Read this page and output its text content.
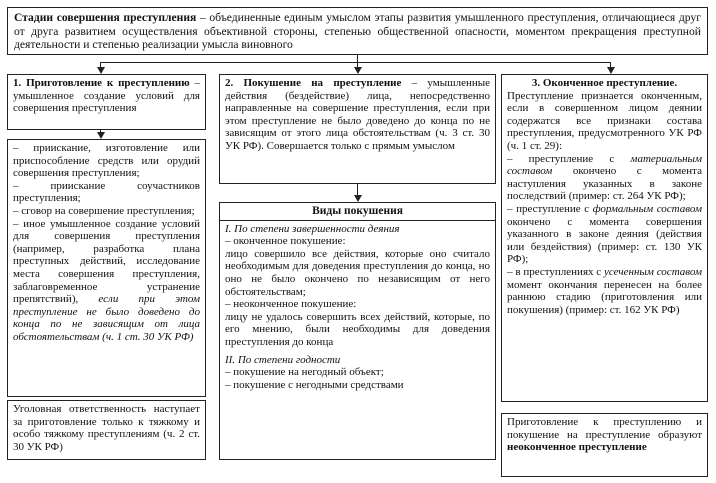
Стадии совершения преступления – объединенные единым умыслом этапы развития умышленного преступления, отличающиеся друг от друга развитием осуществления объективной стороны, степенью общественной опасности, моментом прекращения преступной деятельности и степенью реализации умысла виновного
1. Приготовление к преступлению – умышленное создание условий для совершения преступления

– приискание, изготовление или приспособление средств или орудий совершения преступления;

– приискание соучастников преступления;

– сговор на совершение преступления;

– иное умышленное создание условий для совершения преступления (например, разработка плана преступных действий, исследование места совершения преступления, заблаговременное устранение препятствий), если при этом преступление не было доведено до конца по не зависящим от лица обстоятельствам (ч. 1 ст. 30 УК РФ)

Уголовная ответственность наступает за приготовление только к тяжкому и особо тяжкому преступлениям (ч. 2 ст. 30 УК РФ)
2. Покушение на преступление – умышленные действия (бездействие) лица, непосредственно направленные на совершение преступления, если при этом преступление не было доведено до конца по не зависящим от этого лица обстоятельствам (ч. 3 ст. 30 УК РФ). Совершается только с прямым умыслом
Виды покушения

I. По степени завершенности деяния

– оконченное покушение:

лицо совершило все действия, которые оно считало необходимым для доведения преступления до конца, но оно не было окончено по независящим от него обстоятельствам;

– неоконченное покушение:

лицу не удалось совершить всех действий, которые, по его мнению, были необходимы для доведения преступления до конца

II. По степени годности

– покушение на негодный объект;

– покушение с негодными средствами

3. Оконченное преступление.

Преступление признается оконченным, если в совершенном лицом деянии содержатся все признаки состава преступления, предусмотренного УК РФ (ч. 1 ст. 29):

– преступление с материальным составом окончено с момента наступления указанных в законе последствий (пример: ст. 264 УК РФ);

– преступление с формальным составом окончено с момента совершения указанного в законе деяния (действия или бездействия) (пример: ст. 130 УК РФ);

– в преступлениях с усеченным составом момент окончания перенесен на более раннюю стадию (приготовления или покушения) (пример: ст. 162 УК РФ)

Приготовление к преступлению и покушение на преступление образуют неоконченное преступление
